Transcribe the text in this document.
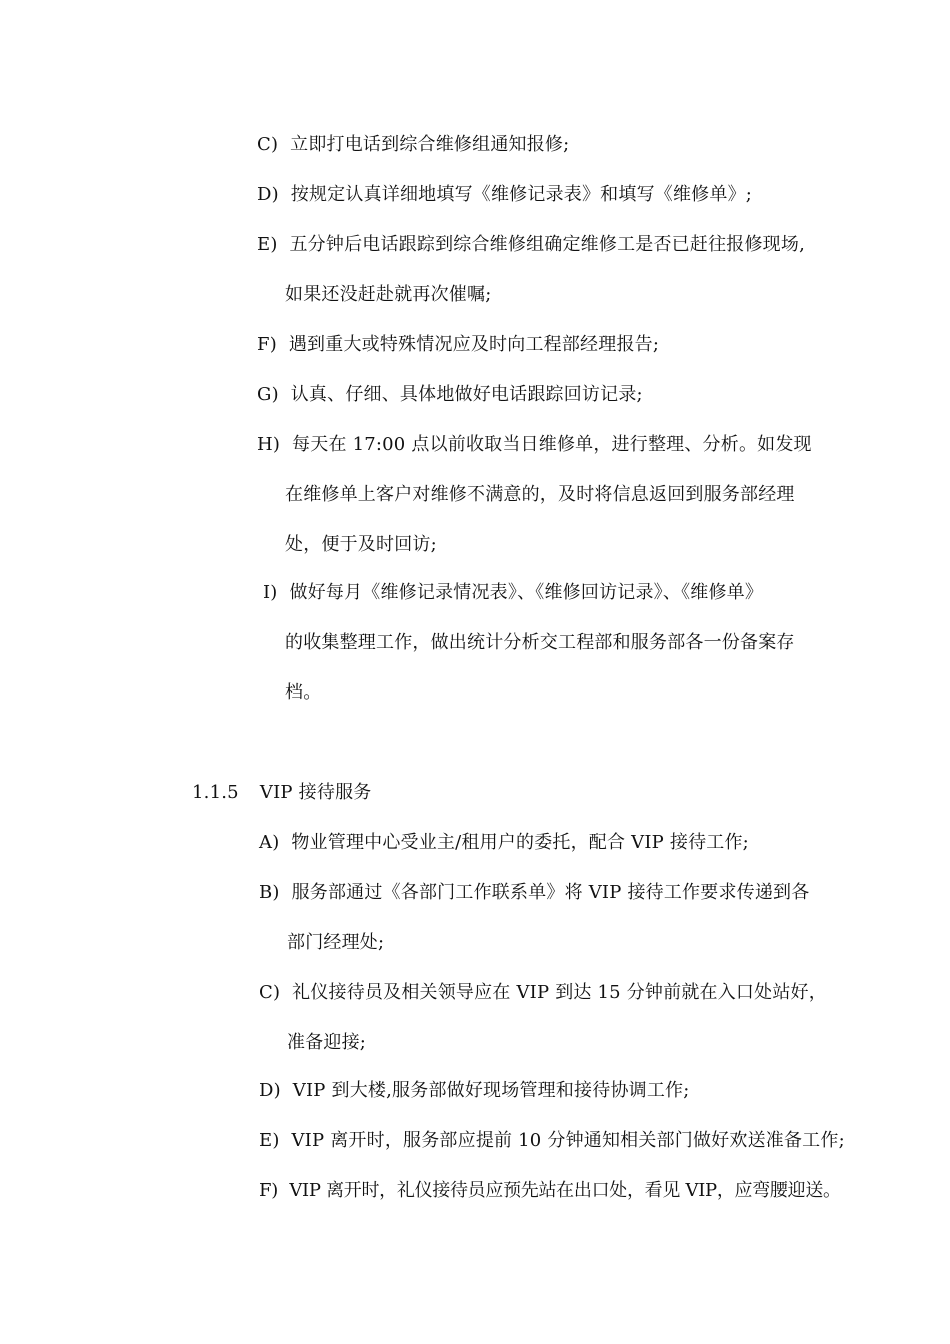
C) 立即打电话到综合维修组通知报修;
D) 按规定认真详细地填写《维修记录表》和填写《维修单》;
E) 五分钟后电话跟踪到综合维修组确定维修工是否已赶往报修现场,
如果还没赶赴就再次催嘱;
F) 遇到重大或特殊情况应及时向工程部经理报告;
G) 认真、仔细、具体地做好电话跟踪回访记录;
H) 每天在 17:00 点以前收取当日维修单，进行整理、分析。如发现
在维修单上客户对维修不满意的，及时将信息返回到服务部经理
处，便于及时回访;
I) 做好每月《维修记录情况表》、《维修回访记录》、《维修单》
的收集整理工作，做出统计分析交工程部和服务部各一份备案存
档。
1.1.5 VIP 接待服务
A) 物业管理中心受业主/租用户的委托，配合 VIP 接待工作;
B) 服务部通过《各部门工作联系单》将 VIP 接待工作要求传递到各
部门经理处;
C) 礼仪接待员及相关领导应在 VIP 到达 15 分钟前就在入口处站好，
准备迎接;
D) VIP 到大楼,服务部做好现场管理和接待协调工作;
E) VIP 离开时，服务部应提前 10 分钟通知相关部门做好欢送准备工作;
F) VIP 离开时，礼仪接待员应预先站在出口处，看见 VIP，应弯腰迎送。
